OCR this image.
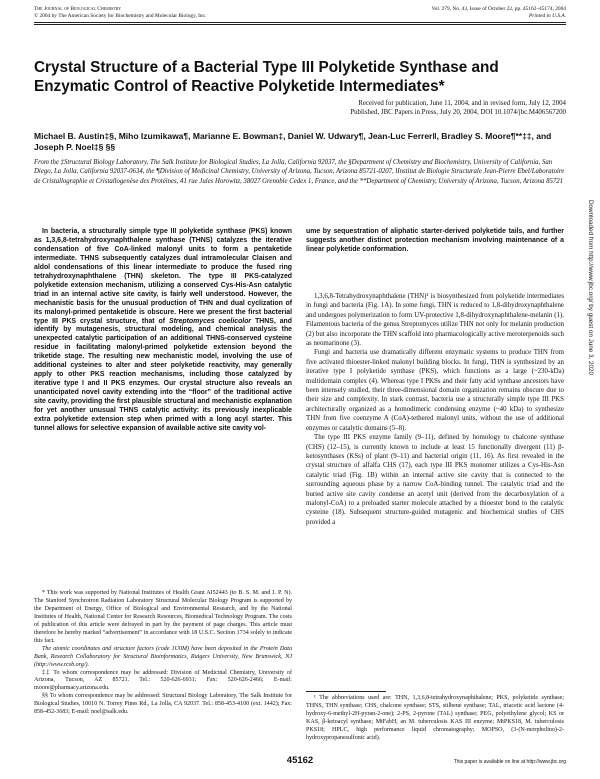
The Journal of Biological Chemistry
© 2004 by The American Society for Biochemistry and Molecular Biology, Inc.
Vol. 279, No. 43, Issue of October 22, pp. 45162–45174, 2004
Printed in U.S.A.
Crystal Structure of a Bacterial Type III Polyketide Synthase and Enzymatic Control of Reactive Polyketide Intermediates*
Received for publication, June 11, 2004, and in revised form, July 12, 2004
Published, JBC Papers in Press, July 20, 2004, DOI 10.1074/jbc.M406567200
Michael B. Austin‡§, Miho Izumikawa¶, Marianne E. Bowman‡, Daniel W. Udwary¶, Jean-Luc Ferrer‖, Bradley S. Moore¶**‡‡, and Joseph P. Noel‡§ §§
From the ‡Structural Biology Laboratory, The Salk Institute for Biological Studies, La Jolla, California 92037, the §Department of Chemistry and Biochemistry, University of California, San Diego, La Jolla, California 92037-0634, the ¶Division of Medicinal Chemistry, University of Arizona, Tucson, Arizona 85721-0207, ‖Institut de Biologie Structurale Jean-Pierre Ebel/Laboratoire de Cristallographie et Cristallogenèse des Protéines, 41 rue Jules Horowitz, 38027 Grenoble Cedex 1, France, and the **Department of Chemistry, University of Arizona, Tucson, Arizona 85721
In bacteria, a structurally simple type III polyketide synthase (PKS) known as 1,3,6,8-tetrahydroxynaphthalene synthase (THNS) catalyzes the iterative condensation of five CoA-linked malonyl units to form a pentaketide intermediate. THNS subsequently catalyzes dual intramolecular Claisen and aldol condensations of this linear intermediate to produce the fused ring tetrahydroxynaphthalene (THN) skeleton. The type III PKS-catalyzed polyketide extension mechanism, utilizing a conserved Cys-His-Asn catalytic triad in an internal active site cavity, is fairly well understood. However, the mechanistic basis for the unusual production of THN and dual cyclization of its malonyl-primed pentaketide is obscure. Here we present the first bacterial type III PKS crystal structure, that of Streptomyces coelicolor THNS, and identify by mutagenesis, structural modeling, and chemical analysis the unexpected catalytic participation of an additional THNS-conserved cysteine residue in facilitating malonyl-primed polyketide extension beyond the triketide stage. The resulting new mechanistic model, involving the use of additional cysteines to alter and steer polyketide reactivity, may generally apply to other PKS reaction mechanisms, including those catalyzed by iterative type I and II PKS enzymes. Our crystal structure also reveals an unanticipated novel cavity extending into the “floor” of the traditional active site cavity, providing the first plausible structural and mechanistic explanation for yet another unusual THNS catalytic activity: its previously inexplicable extra polyketide extension step when primed with a long acyl starter. This tunnel allows for selective expansion of available active site cavity vol-
ume by sequestration of aliphatic starter-derived polyketide tails, and further suggests another distinct protection mechanism involving maintenance of a linear polyketide conformation.

1,3,6,8-Tetrahydroxynaphthalene (THN)¹ is biosynthesized from polyketide intermediates in fungi and bacteria (Fig. 1A). In some fungi, THN is reduced to 1,8-dihydroxynaphthalene and undergoes polymerization to form UV-protective 1,8-dihydroxynaphthalene-melanin (1). Filamentous bacteria of the genus Streptomyces utilize THN not only for melanin production (2) but also incorporate the THN scaffold into pharmacologically active meroterpenoids such as neomarinone (3).

Fungi and bacteria use dramatically different enzymatic systems to produce THN from five activated thioester-linked malonyl building blocks. In fungi, THN is synthesized by an iterative type I polyketide synthase (PKS), which functions as a large (~230-kDa) multidomain complex (4). Whereas type I PKSs and their fatty acid synthase ancestors have been intensely studied, their three-dimensional domain organization remains obscure due to their size and complexity. In stark contrast, bacteria use a structurally simple type III PKS architecturally organized as a homodimeric condensing enzyme (~40 kDa) to synthesize THN from five coenzyme A (CoA)-tethered malonyl units, without the use of additional enzymes or catalytic domains (5–8).

The type III PKS enzyme family (9–11), defined by homology to chalcone synthase (CHS) (12–15), is currently known to include at least 15 functionally divergent (11) β-ketosynthases (KSs) of plant (9–11) and bacterial origin (11, 16). As first revealed in the crystal structure of alfalfa CHS (17), each type III PKS monomer utilizes a Cys-His-Asn catalytic triad (Fig. 1B) within an internal active site cavity that is connected to the surrounding aqueous phase by a narrow CoA-binding tunnel. The catalytic triad and the buried active site cavity condense an acetyl unit (derived from the decarboxylation of a malonyl-CoA) to a preloaded starter molecule attached by a thioester bond to the catalytic cysteine (18). Subsequent structure-guided mutagenic and biochemical studies of CHS provided a

* This work was supported by National Institutes of Health Grant AI52443 (to B. S. M. and J. P. N). The Stanford Synchrotron Radiation Laboratory Structural Molecular Biology Program is supported by the Department of Energy, Office of Biological and Environmental Research, and by the National Institutes of Health, National Center for Research Resources, Biomedical Technology Program. The costs of publication of this article were defrayed in part by the payment of page charges. This article must therefore be hereby marked “advertisement” in accordance with 18 U.S.C. Section 1734 solely to indicate this fact.

The atomic coordinates and structure factors (code 1U0M) have been deposited in the Protein Data Bank, Research Collaboratory for Structural Bioinformatics, Rutgers University, New Brunswick, NJ (http://www.rcsb.org/).

‡‡ To whom correspondence may be addressed: Division of Medicinal Chemistry, University of Arizona, Tucson, AZ 85721. Tel.: 520-626-6931; Fax: 520-626-2466; E-mail: moore@pharmacy.arizona.edu.

§§ To whom correspondence may be addressed: Structural Biology Laboratory, The Salk Institute for Biological Studies, 10010 N. Torrey Pines Rd., La Jolla, CA 92037. Tel.: 858-453-4100 (ext. 1442); Fax: 858-452-3683; E-mail: noel@salk.edu.

¹ The abbreviations used are: THN, 1,3,6,8-tetrahydroxynaphthalene; PKS, polyketide synthase; THNS, THN synthase; CHS, chalcone synthase; STS, stilbene synthase; TAL, triacetic acid lactone (4-hydroxy-6-methyl-2H-pyran-2-one); 2-PS, 2-pyrone (TAL) synthase; PEG, polyethylene glycol; KS or KAS, β-ketoacyl synthase; MtFabH, an M. tuberculosis KAS III enzyme; MtPKS18, M. tuberculosis PKS18; HPLC, high performance liquid chromatography; MOPSO, (3-(N-morpholino)-2-hydroxypropanesulfonic acid).

45162	This paper is available on line at http://www.jbc.org
Downloaded from http://www.jbc.org/ by guest on June 3, 2020
